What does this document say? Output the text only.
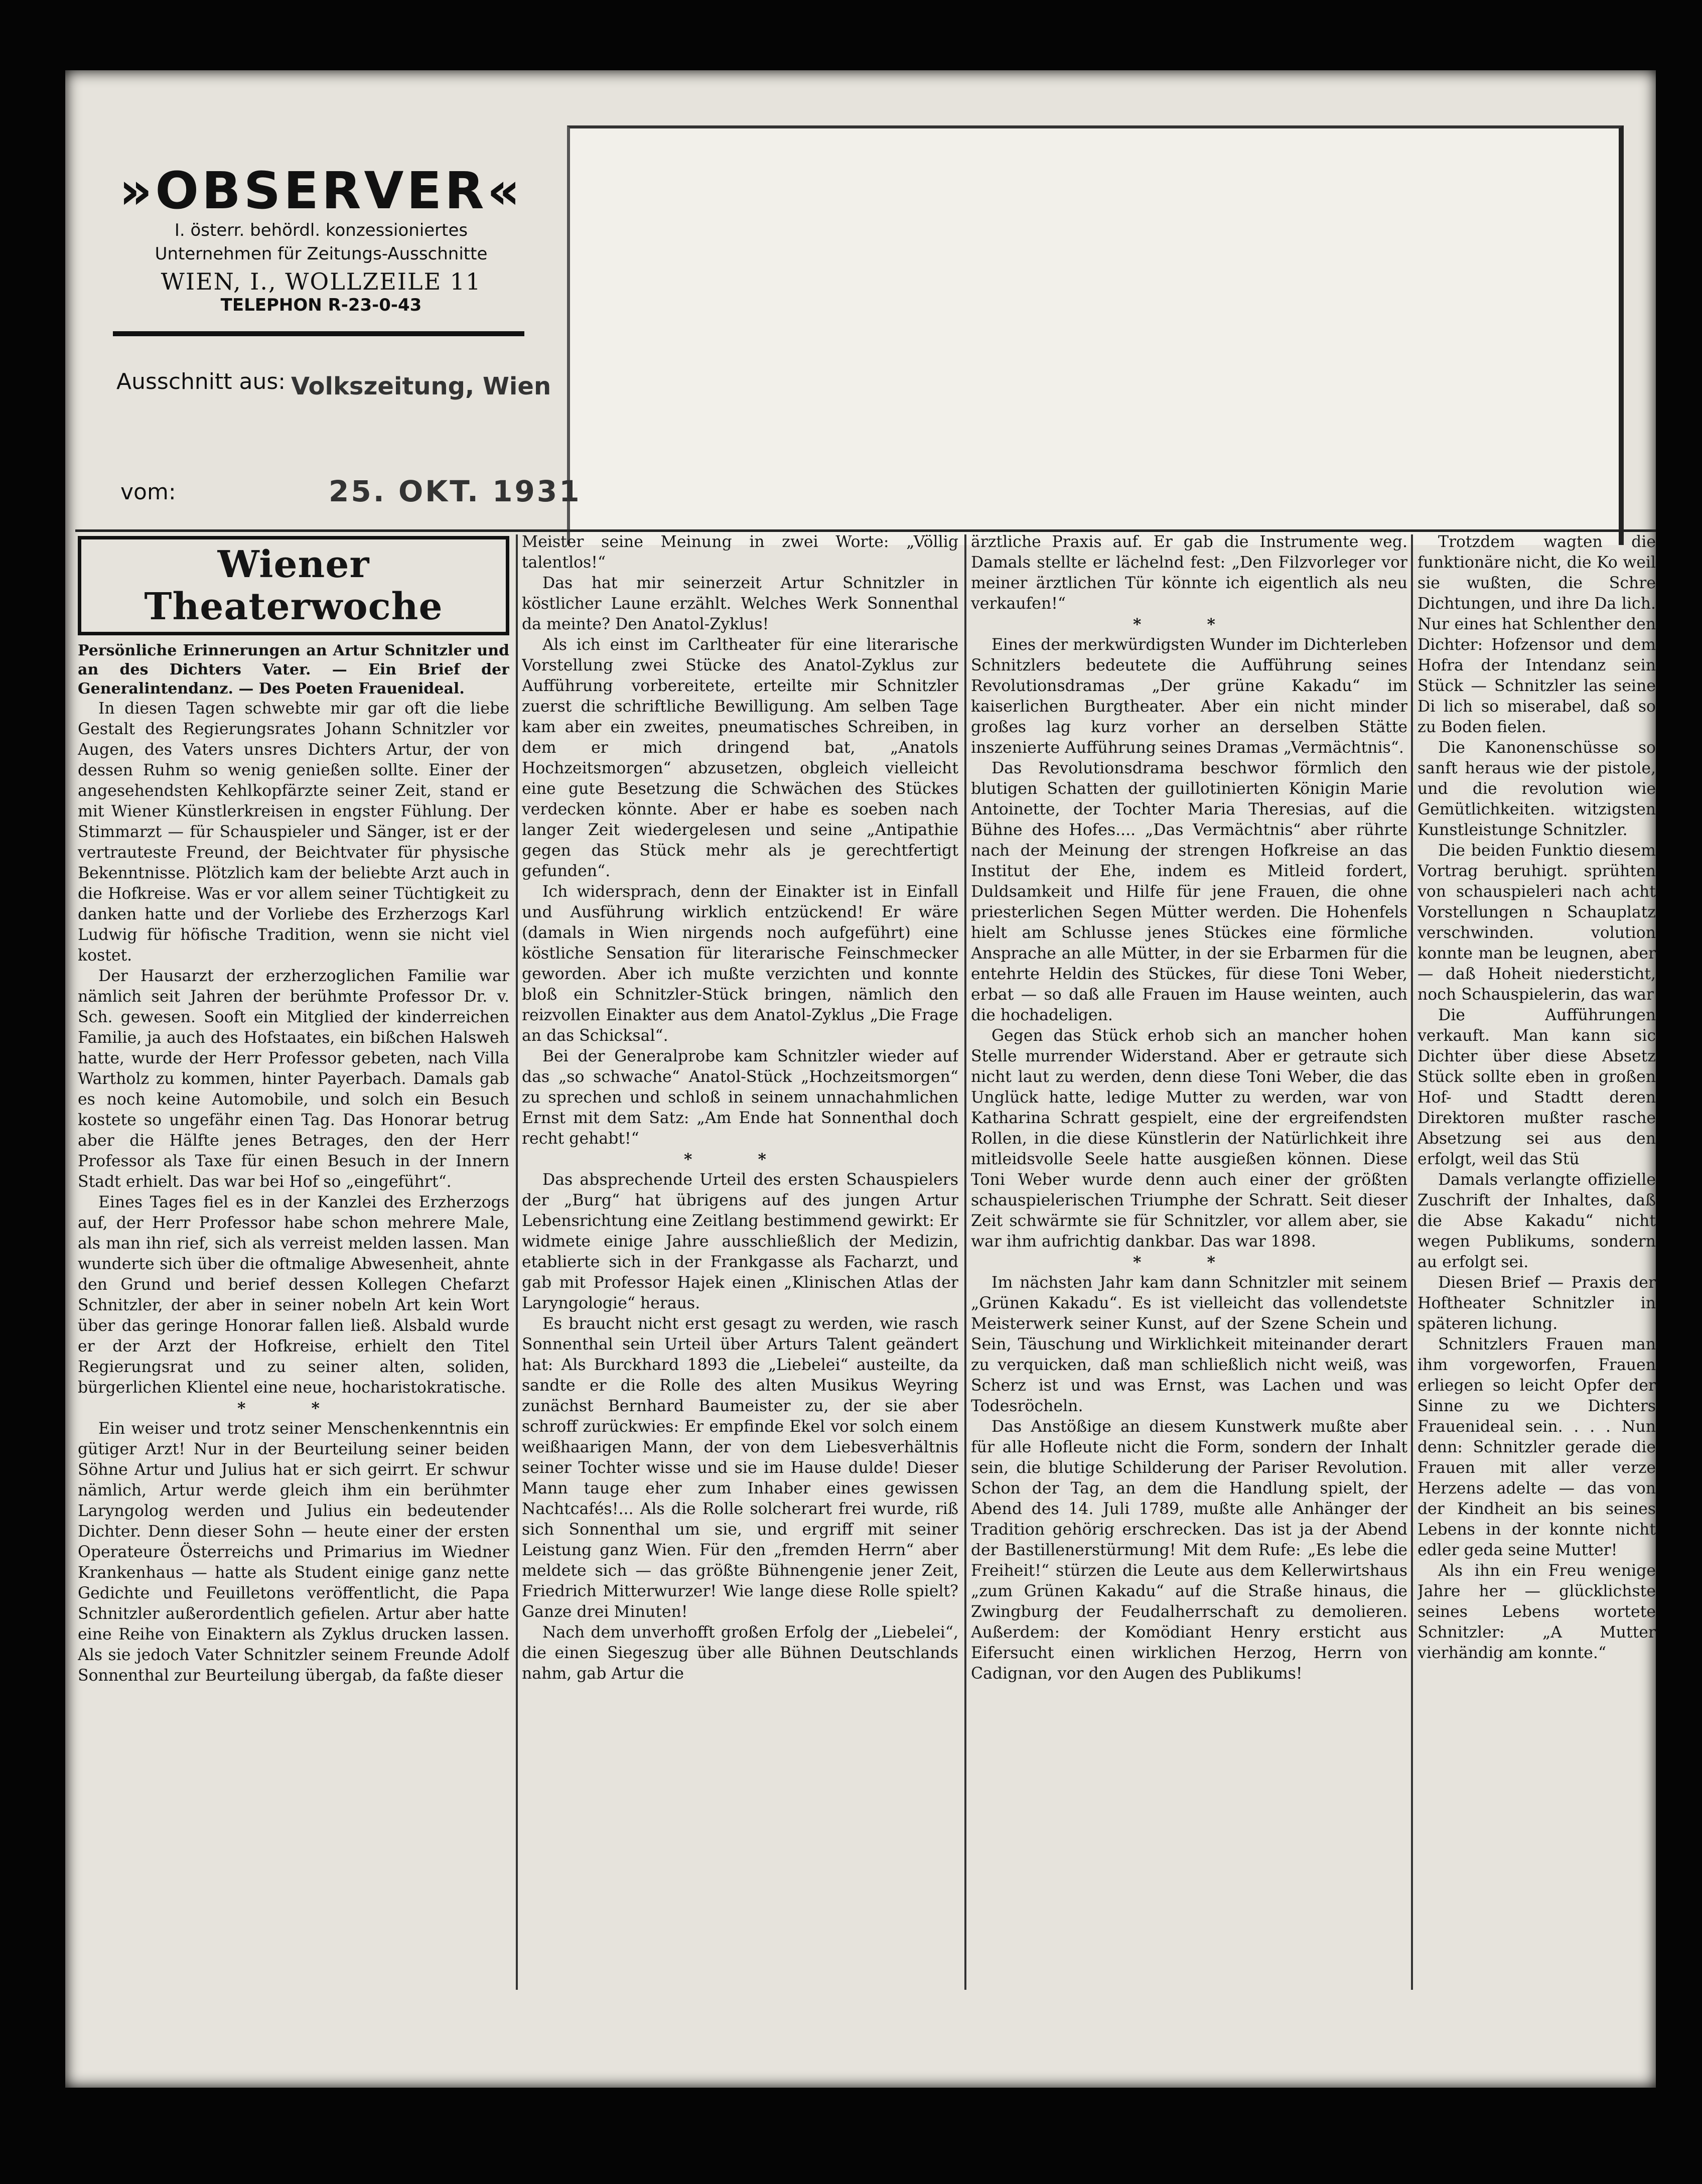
»OBSERVER«
I. österr. behördl. konzessioniertes
Unternehmen für Zeitungs-Ausschnitte
WIEN, I., WOLLZEILE 11
TELEPHON R-23-0-43
Ausschnitt aus: Volkszeitung, Wien
vom:	25. OKT. 1931
Wiener Theaterwoche

Persönliche Erinnerungen an Artur Schnitzler und an des Dichters Vater. — Ein Brief der Generalintendanz. — Des Poeten Frauenideal.

In diesen Tagen schwebte mir gar oft die liebe Gestalt des Regierungsrates Johann Schnitzler vor Augen, des Vaters unsres Dichters Artur, der von dessen Ruhm so wenig genießen sollte. Einer der angesehendsten Kehlkopfärzte seiner Zeit, stand er mit Wiener Künstlerkreisen in engster Fühlung. Der Stimmarzt — für Schauspieler und Sänger, ist er der vertrauteste Freund, der Beichtvater für physische Bekenntnisse. Plötzlich kam der beliebte Arzt auch in die Hofkreise. Was er vor allem seiner Tüchtigkeit zu danken hatte und der Vorliebe des Erzherzogs Karl Ludwig für höfische Tradition, wenn sie nicht viel kostet.

Der Hausarzt der erzherzoglichen Familie war nämlich seit Jahren der berühmte Professor Dr. v. Sch. gewesen. Sooft ein Mitglied der kinderreichen Familie, ja auch des Hofstaates, ein bißchen Halsweh hatte, wurde der Herr Professor gebeten, nach Villa Wartholz zu kommen, hinter Payerbach. Damals gab es noch keine Automobile, und solch ein Besuch kostete so ungefähr einen Tag. Das Honorar betrug aber die Hälfte jenes Betrages, den der Herr Professor als Taxe für einen Besuch in der Innern Stadt erhielt. Das war bei Hof so „eingeführt“.

Eines Tages fiel es in der Kanzlei des Erzherzogs auf, der Herr Professor habe schon mehrere Male, als man ihn rief, sich als verreist melden lassen. Man wunderte sich über die oftmalige Abwesenheit, ahnte den Grund und berief dessen Kollegen Chefarzt Schnitzler, der aber in seiner nobeln Art kein Wort über das geringe Honorar fallen ließ. Alsbald wurde er der Arzt der Hofkreise, erhielt den Titel Regierungsrat und zu seiner alten, soliden, bürgerlichen Klientel eine neue, hocharistokratische.

* *

Ein weiser und trotz seiner Menschenkenntnis ein gütiger Arzt! Nur in der Beurteilung seiner beiden Söhne Artur und Julius hat er sich geirrt. Er schwur nämlich, Artur werde gleich ihm ein berühmter Laryngolog werden und Julius ein bedeutender Dichter. Denn dieser Sohn — heute einer der ersten Operateure Österreichs und Primarius im Wiedner Krankenhaus — hatte als Student einige ganz nette Gedichte und Feuilletons veröffentlicht, die Papa Schnitzler außerordentlich gefielen. Artur aber hatte eine Reihe von Einaktern als Zyklus drucken lassen. Als sie jedoch Vater Schnitzler seinem Freunde Adolf Sonnenthal zur Beurteilung übergab, da faßte dieser

Meister seine Meinung in zwei Worte: „Völlig talentlos!“

Das hat mir seinerzeit Artur Schnitzler in köstlicher Laune erzählt. Welches Werk Sonnenthal da meinte? Den Anatol-Zyklus!

Als ich einst im Carltheater für eine literarische Vorstellung zwei Stücke des Anatol-Zyklus zur Aufführung vorbereitete, erteilte mir Schnitzler zuerst die schriftliche Bewilligung. Am selben Tage kam aber ein zweites, pneumatisches Schreiben, in dem er mich dringend bat, „Anatols Hochzeitsmorgen“ abzusetzen, obgleich vielleicht eine gute Besetzung die Schwächen des Stückes verdecken könnte. Aber er habe es soeben nach langer Zeit wiedergelesen und seine „Antipathie gegen das Stück mehr als je gerechtfertigt gefunden“.

Ich widersprach, denn der Einakter ist in Einfall und Ausführung wirklich entzückend! Er wäre (damals in Wien nirgends noch aufgeführt) eine köstliche Sensation für literarische Feinschmecker geworden. Aber ich mußte verzichten und konnte bloß ein Schnitzler-Stück bringen, nämlich den reizvollen Einakter aus dem Anatol-Zyklus „Die Frage an das Schicksal“.

Bei der Generalprobe kam Schnitzler wieder auf das „so schwache“ Anatol-Stück „Hochzeitsmorgen“ zu sprechen und schloß in seinem unnachahmlichen Ernst mit dem Satz: „Am Ende hat Sonnenthal doch recht gehabt!“

* *

Das absprechende Urteil des ersten Schauspielers der „Burg“ hat übrigens auf des jungen Artur Lebensrichtung eine Zeitlang bestimmend gewirkt: Er widmete einige Jahre ausschließlich der Medizin, etablierte sich in der Frankgasse als Facharzt, und gab mit Professor Hajek einen „Klinischen Atlas der Laryngologie“ heraus.

Es braucht nicht erst gesagt zu werden, wie rasch Sonnenthal sein Urteil über Arturs Talent geändert hat: Als Burckhard 1893 die „Liebelei“ austeilte, da sandte er die Rolle des alten Musikus Weyring zunächst Bernhard Baumeister zu, der sie aber schroff zurückwies: Er empfinde Ekel vor solch einem weißhaarigen Mann, der von dem Liebesverhältnis seiner Tochter wisse und sie im Hause dulde! Dieser Mann tauge eher zum Inhaber eines gewissen Nachtcafés!... Als die Rolle solcherart frei wurde, riß sich Sonnenthal um sie, und ergriff mit seiner Leistung ganz Wien. Für den „fremden Herrn“ aber meldete sich — das größte Bühnengenie jener Zeit, Friedrich Mitterwurzer! Wie lange diese Rolle spielt? Ganze drei Minuten!

Nach dem unverhofft großen Erfolg der „Liebelei“, die einen Siegeszug über alle Bühnen Deutschlands nahm, gab Artur die

ärztliche Praxis auf. Er gab die Instrumente weg. Damals stellte er lächelnd fest: „Den Filzvorleger vor meiner ärztlichen Tür könnte ich eigentlich als neu verkaufen!“

* *

Eines der merkwürdigsten Wunder im Dichterleben Schnitzlers bedeutete die Aufführung seines Revolutionsdramas „Der grüne Kakadu“ im kaiserlichen Burgtheater. Aber ein nicht minder großes lag kurz vorher an derselben Stätte inszenierte Aufführung seines Dramas „Vermächtnis“.

Das Revolutionsdrama beschwor förmlich den blutigen Schatten der guillotinierten Königin Marie Antoinette, der Tochter Maria Theresias, auf die Bühne des Hofes.... „Das Vermächtnis“ aber rührte nach der Meinung der strengen Hofkreise an das Institut der Ehe, indem es Mitleid fordert, Duldsamkeit und Hilfe für jene Frauen, die ohne priesterlichen Segen Mütter werden. Die Hohenfels hielt am Schlusse jenes Stückes eine förmliche Ansprache an alle Mütter, in der sie Erbarmen für die entehrte Heldin des Stückes, für diese Toni Weber, erbat — so daß alle Frauen im Hause weinten, auch die hochadeligen.

Gegen das Stück erhob sich an mancher hohen Stelle murrender Widerstand. Aber er getraute sich nicht laut zu werden, denn diese Toni Weber, die das Unglück hatte, ledige Mutter zu werden, war von Katharina Schratt gespielt, eine der ergreifendsten Rollen, in die diese Künstlerin der Natürlichkeit ihre mitleidsvolle Seele hatte ausgießen können. Diese Toni Weber wurde denn auch einer der größten schauspielerischen Triumphe der Schratt. Seit dieser Zeit schwärmte sie für Schnitzler, vor allem aber, sie war ihm aufrichtig dankbar. Das war 1898.

* *

Im nächsten Jahr kam dann Schnitzler mit seinem „Grünen Kakadu“. Es ist vielleicht das vollendetste Meisterwerk seiner Kunst, auf der Szene Schein und Sein, Täuschung und Wirklichkeit miteinander derart zu verquicken, daß man schließlich nicht weiß, was Scherz ist und was Ernst, was Lachen und was Todesröcheln.

Das Anstößige an diesem Kunstwerk mußte aber für alle Hofleute nicht die Form, sondern der Inhalt sein, die blutige Schilderung der Pariser Revolution. Schon der Tag, an dem die Handlung spielt, der Abend des 14. Juli 1789, mußte alle Anhänger der Tradition gehörig erschrecken. Das ist ja der Abend der Bastillenerstürmung! Mit dem Rufe: „Es lebe die Freiheit!“ stürzen die Leute aus dem Kellerwirtshaus „zum Grünen Kakadu“ auf die Straße hinaus, die Zwingburg der Feudalherrschaft zu demolieren. Außerdem: der Komödiant Henry ersticht aus Eifersucht einen wirklichen Herzog, Herrn von Cadignan, vor den Augen des Publikums!

Trotzdem wagten die funktionäre nicht, die Ko weil sie wußten, die Schre Dichtungen, und ihre Da lich. Nur eines hat Schlenther den Dichter: Hofzensor und dem Hofra der Intendanz sein Stück — Schnitzler las seine Di lich so miserabel, daß so zu Boden fielen.

Die Kanonenschüsse so sanft heraus wie der pistole, und die revolution wie Gemütlichkeiten. witzigsten Kunstleistunge Schnitzler.

Die beiden Funktio diesem Vortrag beruhigt. sprühten von schauspieleri nach acht Vorstellungen n Schauplatz verschwinden. volution konnte man be leugnen, aber — daß Hoheit niedersticht, noch Schauspielerin, das war

Die Aufführungen verkauft. Man kann sic Dichter über diese Absetz Stück sollte eben in großen Hof- und Stadtt deren Direktoren mußter rasche Absetzung sei aus den erfolgt, weil das Stü

Damals verlangte offizielle Zuschrift der Inhaltes, daß die Abse Kakadu“ nicht wegen Publikums, sondern au erfolgt sei.

Diesen Brief — Praxis der Hoftheater Schnitzler in späteren lichung.

Schnitzlers Frauen man ihm vorgeworfen, Frauen erliegen so leicht Opfer der Sinne zu we Dichters Frauenideal sein. . . . Nun denn: Schnitzler gerade die Frauen mit aller verze Herzens adelte — das von der Kindheit an bis seines Lebens in der konnte nicht edler geda seine Mutter!

Als ihn ein Freu wenige Jahre her — glücklichste seines Lebens wortete Schnitzler: „A Mutter vierhändig am konnte.“
